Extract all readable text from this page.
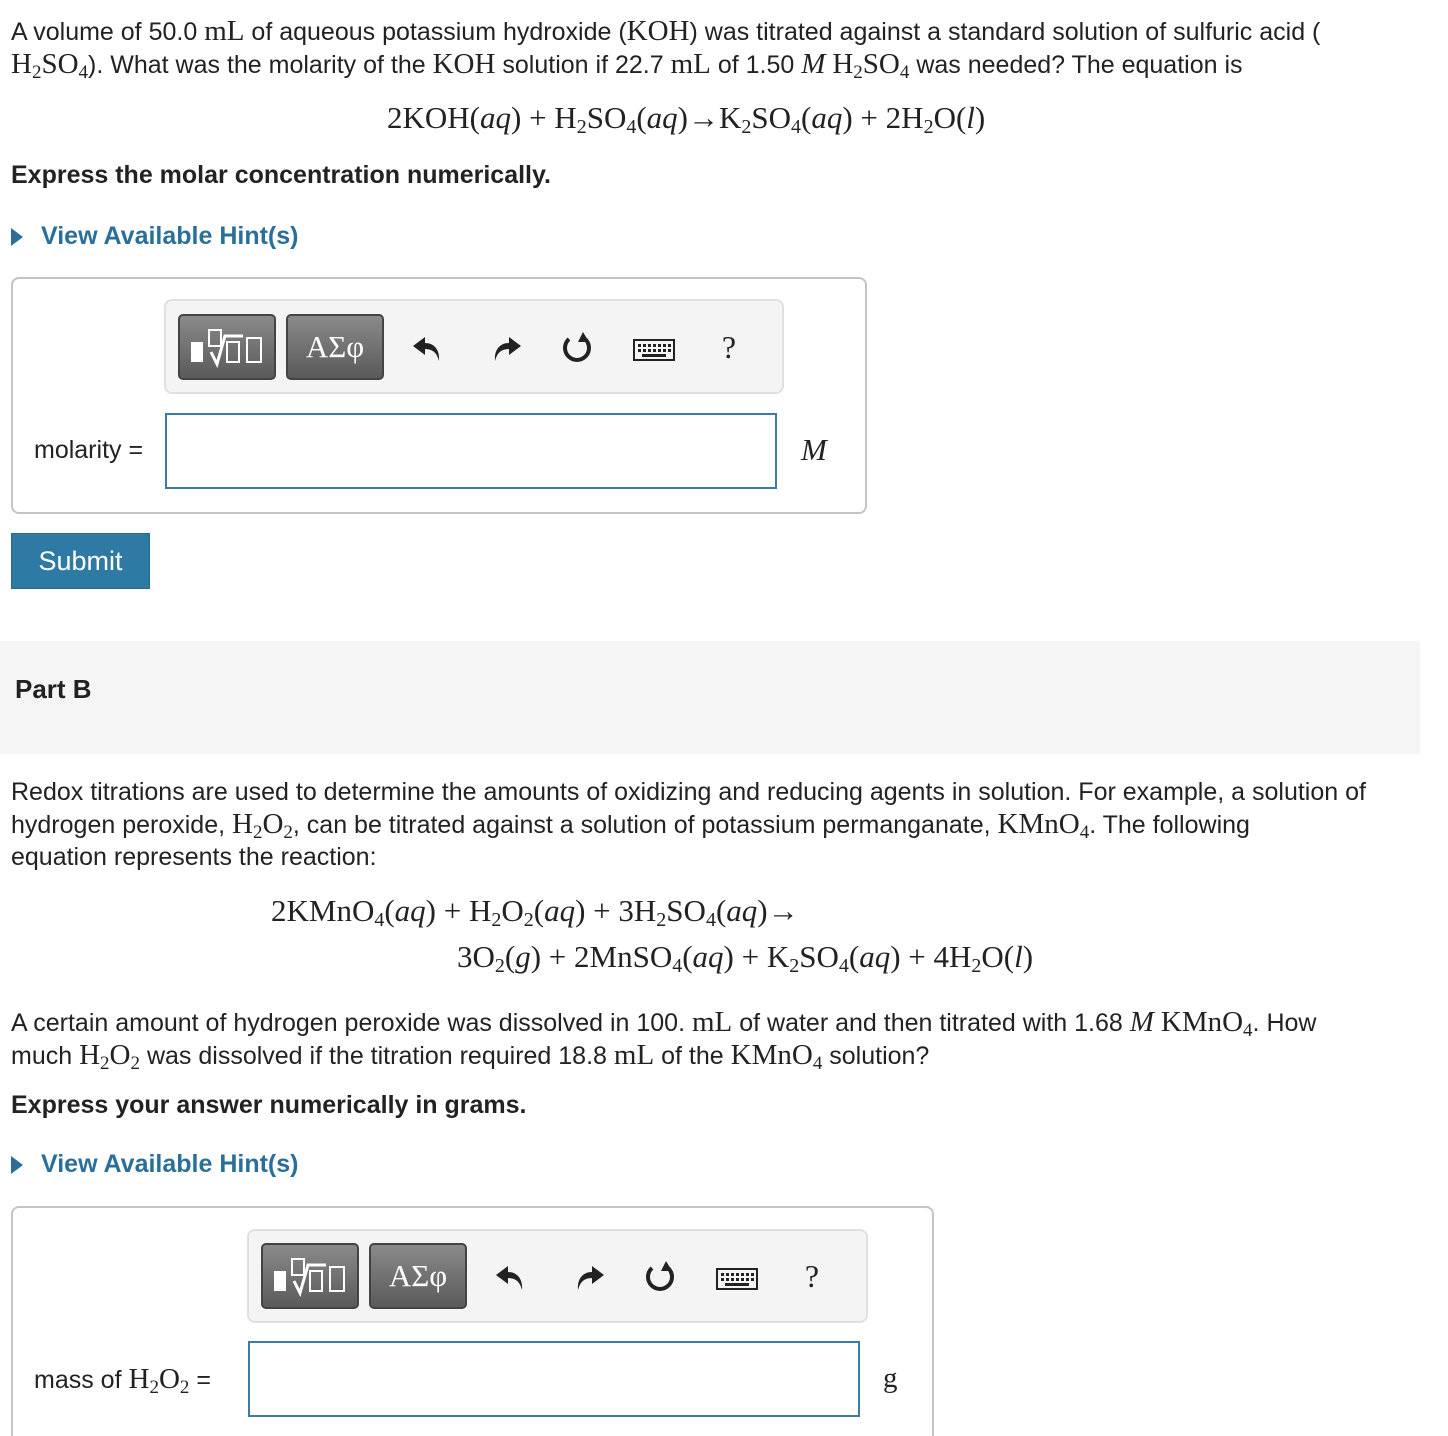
A volume of 50.0 mL of aqueous potassium hydroxide (KOH) was titrated against a standard solution of sulfuric acid (
$H_2SO_4$). What was the molarity of the KOH solution if 22.7 mL of 1.50 M $H_2SO_4$ was needed? The equation is
$2KOH(aq) + H_2SO_4(aq)\to K_2SO_4(aq) + 2H_2O(l)$
Express the molar concentration numerically.
View Available Hint(s)
ΑΣφ	?
molarity =	M
Submit
Part B
Redox titrations are used to determine the amounts of oxidizing and reducing agents in solution. For example, a solution of
hydrogen peroxide, $H_2O_2$, can be titrated against a solution of potassium permanganate, KMnO$_4$. The following
equation represents the reaction:
2KMnO$_4$(aq) + $H_2O_2(aq) + 3H_2SO_4(aq)\to$
$3O_2(g)$ + 2MnSO$_4$(aq) + $K_2SO_4(aq) + 4H_2O(l)$
A certain amount of hydrogen peroxide was dissolved in 100. mL of water and then titrated with 1.68 M KMnO$_4$. How
much $H_2O_2$ was dissolved if the titration required 18.8 mL of the KMnO$_4$ solution?
Express your answer numerically in grams.
View Available Hint(s)
ΑΣφ	?
mass of $H_2O_2$ =	g
